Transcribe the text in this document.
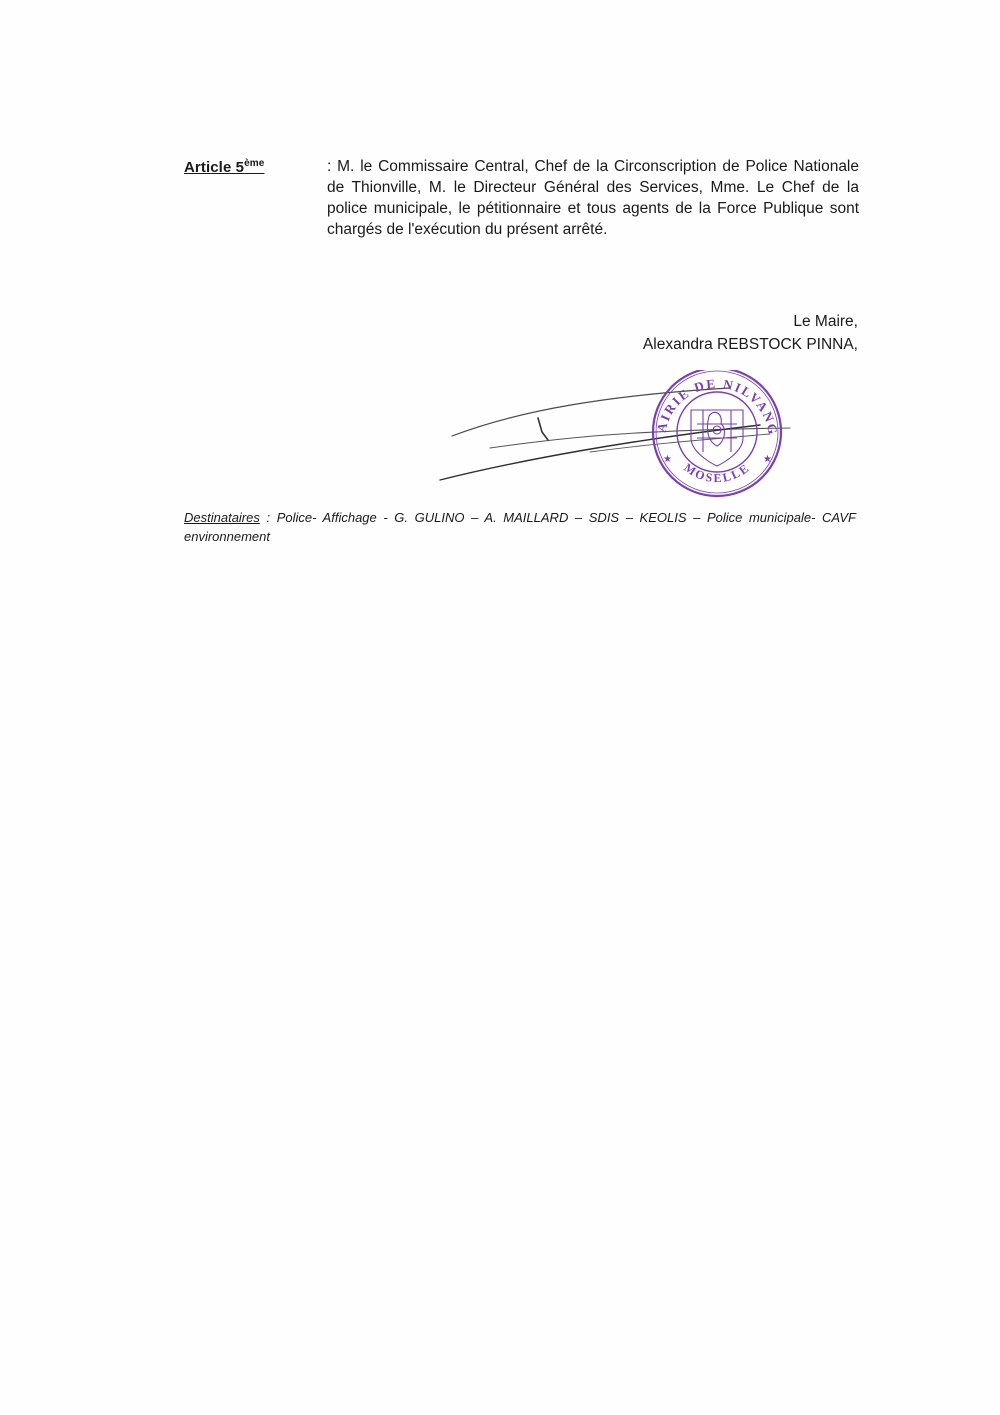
Article 5ème	: M. le Commissaire Central, Chef de la Circonscription de Police Nationale de Thionville, M. le Directeur Général des Services, Mme. Le Chef de la police municipale, le pétitionnaire et tous agents de la Force Publique sont chargés de l'exécution du présent arrêté.
Le Maire,
Alexandra REBSTOCK PINNA,
MAIRIE DE NILVANGE
MOSELLE
★	★
Destinataires : Police- Affichage - G. GULINO – A. MAILLARD – SDIS – KEOLIS – Police municipale- CAVF environnement
